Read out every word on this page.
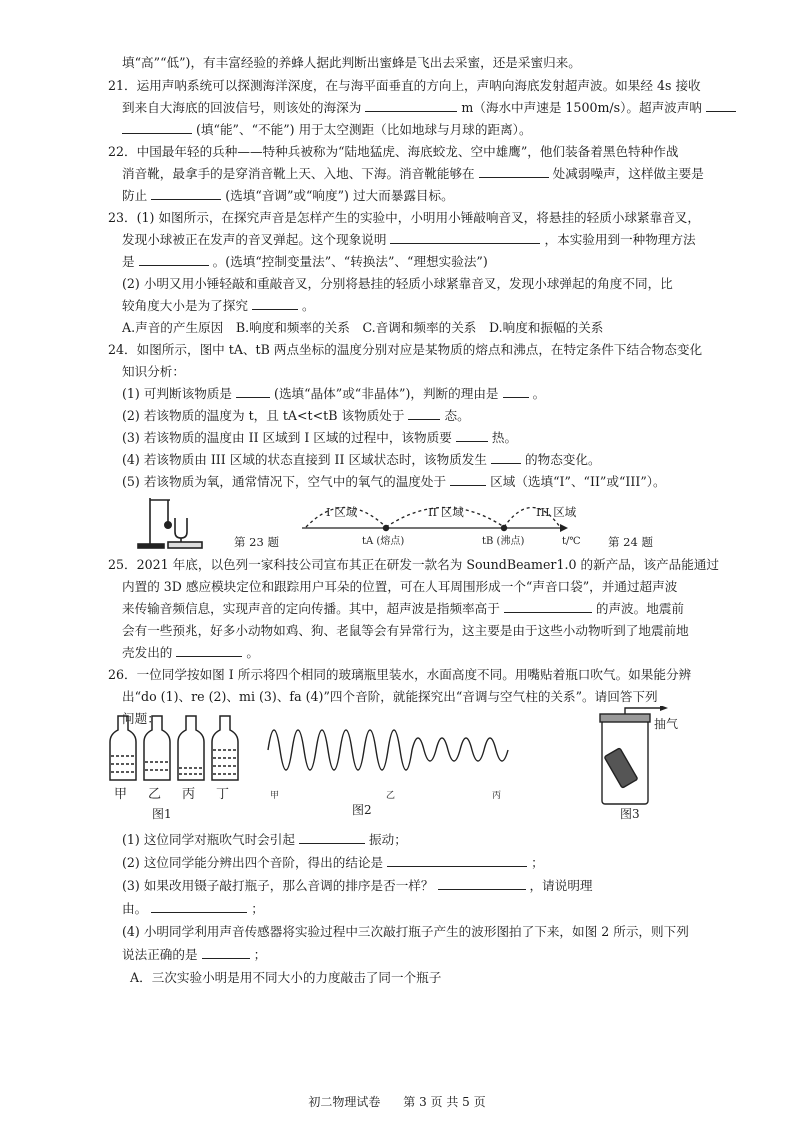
填“高”“低”)，有丰富经验的养蜂人据此判断出蜜蜂是飞出去采蜜，还是采蜜归来。
21．运用声呐系统可以探测海洋深度，在与海平面垂直的方向上，声呐向海底发射超声波。如果经 4s 接收
到来自大海底的回波信号，则该处的海深为	m（海水中声速是 1500m/s）。超声波声呐
(填“能”、“不能”) 用于太空测距（比如地球与月球的距离）。
22．中国最年轻的兵种——特种兵被称为“陆地猛虎、海底蛟龙、空中雄鹰”，他们装备着黑色特种作战
消音靴，最拿手的是穿消音靴上天、入地、下海。消音靴能够在	处减弱噪声，这样做主要是
防止	(选填“音调”或“响度”) 过大而暴露目标。
23．(1) 如图所示，在探究声音是怎样产生的实验中，小明用小锤敲响音叉，将悬挂的轻质小球紧靠音叉，
发现小球被正在发声的音叉弹起。这个现象说明	，本实验用到一种物理方法
是	。(选填“控制变量法”、“转换法”、“理想实验法”)
(2) 小明又用小锤轻敲和重敲音叉，分别将悬挂的轻质小球紧靠音叉，发现小球弹起的角度不同，比
较角度大小是为了探究	。
A.声音的产生原因　B.响度和频率的关系　C.音调和频率的关系　D.响度和振幅的关系
24．如图所示，图中 tA、tB 两点坐标的温度分别对应是某物质的熔点和沸点，在特定条件下结合物态变化
知识分析：
(1) 可判断该物质是	(选填“晶体”或“非晶体”)，判断的理由是	。
(2) 若该物质的温度为 t，且 tA<t<tB 该物质处于	态。
(3) 若该物质的温度由 II 区域到 I 区域的过程中，该物质要	热。
(4) 若该物质由 III 区域的状态直接到 II 区域状态时，该物质发生	的物态变化。
(5) 若该物质为氧，通常情况下，空气中的氧气的温度处于	区域（选填“I”、“II”或“III”）。
第 23 题
I 区域	II 区域	III 区域
tA (熔点)	tB (沸点)	t/℃ 第 24 题
25．2021 年底，以色列一家科技公司宣布其正在研发一款名为 SoundBeamer1.0 的新产品，该产品能通过
内置的 3D 感应模块定位和跟踪用户耳朵的位置，可在人耳周围形成一个“声音口袋”，并通过超声波
来传输音频信息，实现声音的定向传播。其中，超声波是指频率高于	的声波。地震前
会有一些预兆，好多小动物如鸡、狗、老鼠等会有异常行为，这主要是由于这些小动物听到了地震前地
壳发出的	。
26．一位同学按如图 I 所示将四个相同的玻璃瓶里装水，水面高度不同。用嘴贴着瓶口吹气。如果能分辨
出“do (1)、re (2)、mi (3)、fa (4)”四个音阶，就能探究出“音调与空气柱的关系”。请回答下列
问题：
甲 乙 丙 丁
图1
甲	乙	丙
图2
抽气
图3
(1) 这位同学对瓶吹气时会引起	振动；
(2) 这位同学能分辨出四个音阶，得出的结论是	；
(3) 如果改用镊子敲打瓶子，那么音调的排序是否一样？	，请说明理
由。	；
(4) 小明同学利用声音传感器将实验过程中三次敲打瓶子产生的波形图拍了下来，如图 2 所示，则下列
说法正确的是	；
A．三次实验小明是用不同大小的力度敲击了同一个瓶子
初二物理试卷 第 3 页 共 5 页
